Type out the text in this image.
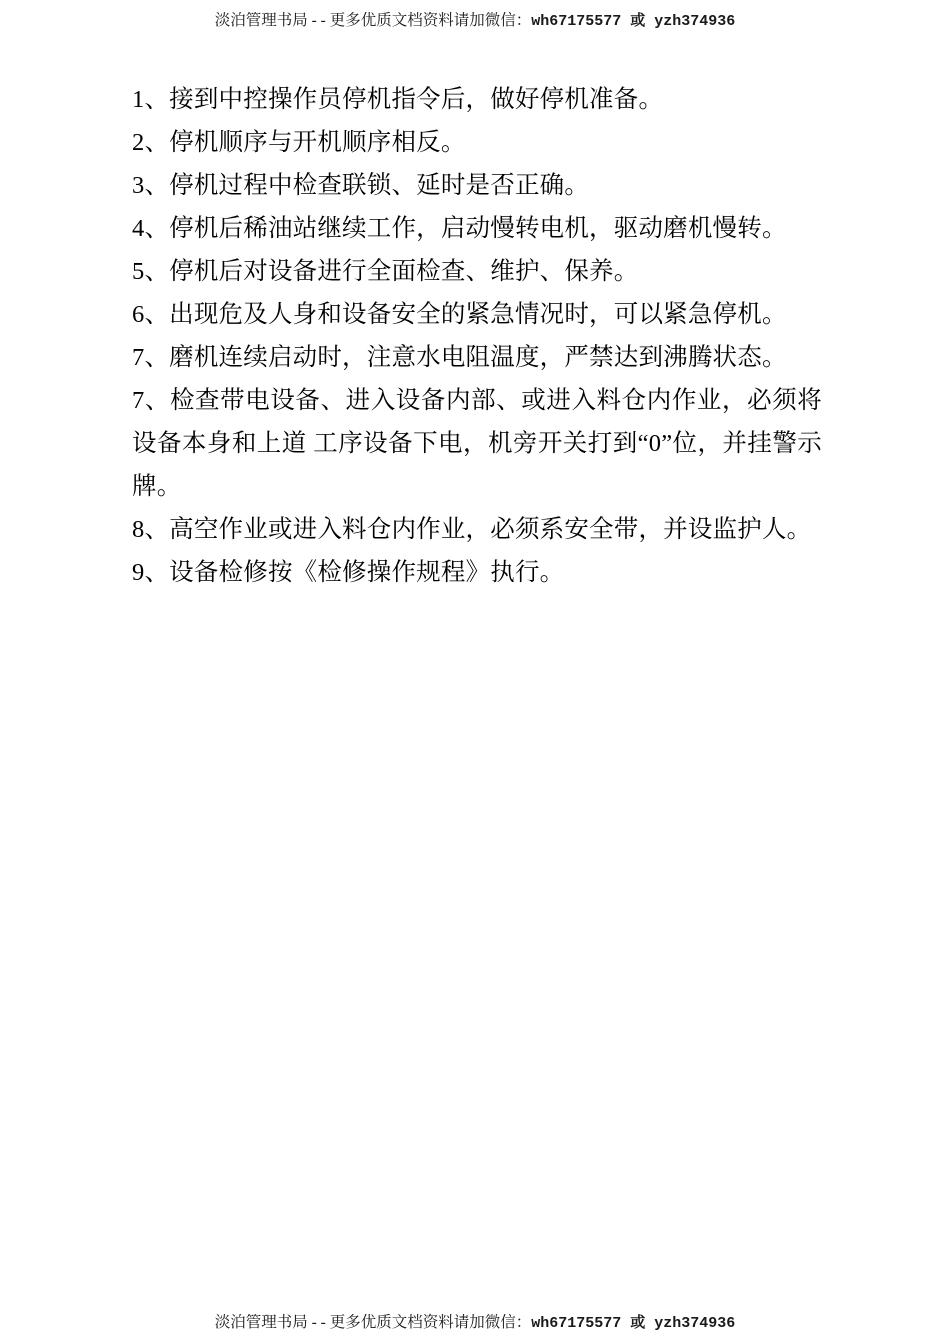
淡泊管理书局 - - 更多优质文档资料请加微信：wh67175577 或 yzh374936

1、接到中控操作员停机指令后，做好停机准备。

2、停机顺序与开机顺序相反。

3、停机过程中检查联锁、延时是否正确。

4、停机后稀油站继续工作，启动慢转电机，驱动磨机慢转。

5、停机后对设备进行全面检查、维护、保养。

6、出现危及人身和设备安全的紧急情况时，可以紧急停机。

7、磨机连续启动时，注意水电阻温度，严禁达到沸腾状态。

7、检查带电设备、进入设备内部、或进入料仓内作业，必须将设备本身和上道 工序设备下电，机旁开关打到“0”位，并挂警示牌。

8、高空作业或进入料仓内作业，必须系安全带，并设监护人。

9、设备检修按《检修操作规程》执行。

淡泊管理书局 - - 更多优质文档资料请加微信：wh67175577 或 yzh374936
